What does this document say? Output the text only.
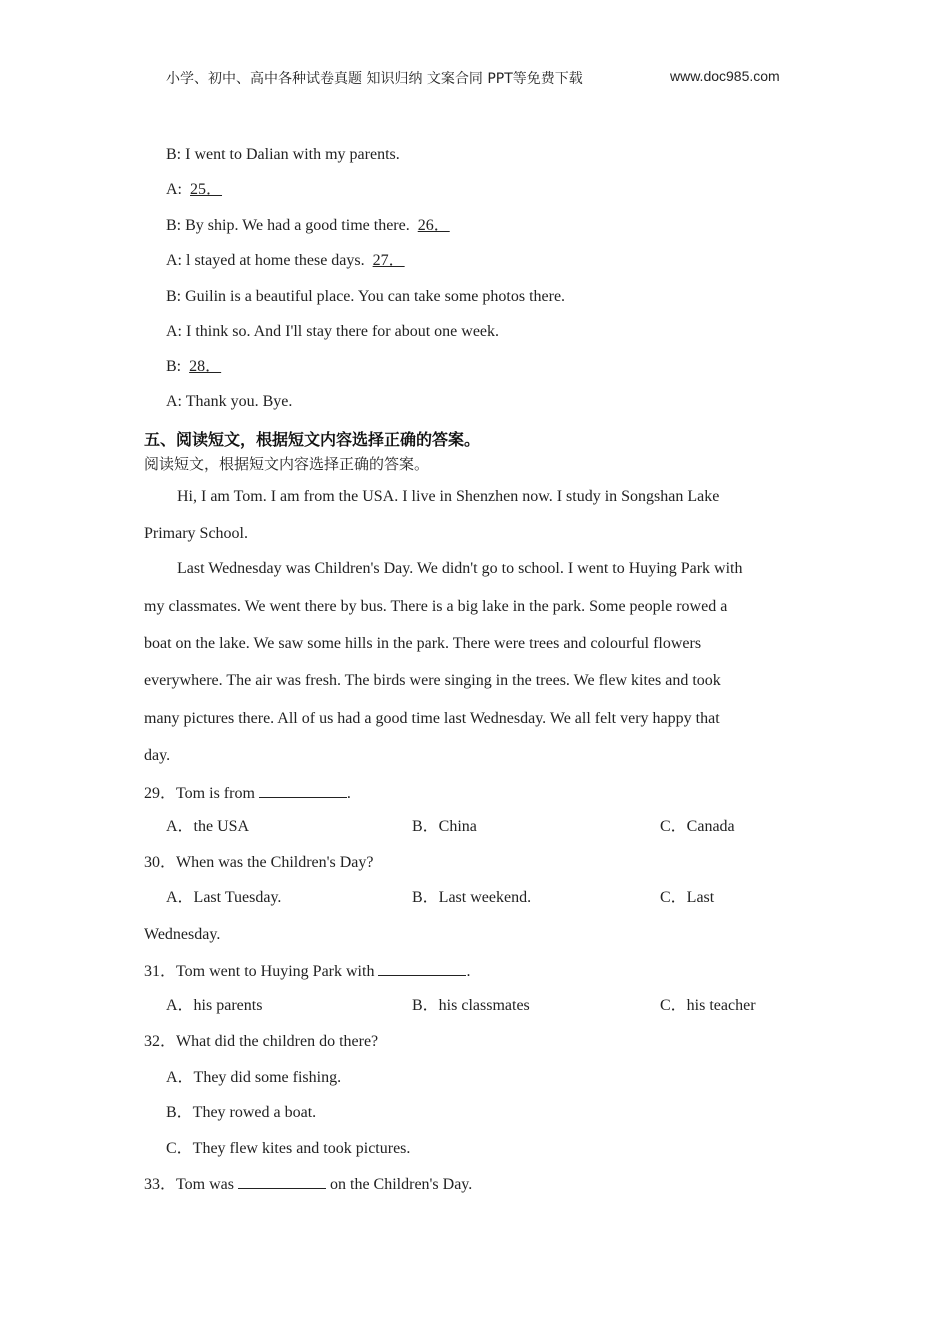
小学、初中、高中各种试卷真题 知识归纳 文案合同 PPT等免费下载	www.doc985.com
B: I went to Dalian with my parents.
A: 25．
B: By ship. We had a good time there. 26．
A: l stayed at home these days. 27．
B: Guilin is a beautiful place. You can take some photos there.
A: I think so. And I'll stay there for about one week.
B: 28．
A: Thank you. Bye.
五、阅读短文，根据短文内容选择正确的答案。
阅读短文，根据短文内容选择正确的答案。
Hi, I am Tom. I am from the USA. I live in Shenzhen now. I study in Songshan Lake
Primary School.
Last Wednesday was Children's Day. We didn't go to school. I went to Huying Park with
my classmates. We went there by bus. There is a big lake in the park. Some people rowed a
boat on the lake. We saw some hills in the park. There were trees and colourful flowers
everywhere. The air was fresh. The birds were singing in the trees. We flew kites and took
many pictures there. All of us had a good time last Wednesday. We all felt very happy that
day.
29．Tom is from	.
A．the USA	B．China	C．Canada
30．When was the Children's Day?
A．Last Tuesday.	B．Last weekend.	C．Last
Wednesday.
31．Tom went to Huying Park with	.
A．his parents	B．his classmates	C．his teacher
32．What did the children do there?
A．They did some fishing.
B．They rowed a boat.
C．They flew kites and took pictures.
33．Tom was	on the Children's Day.
